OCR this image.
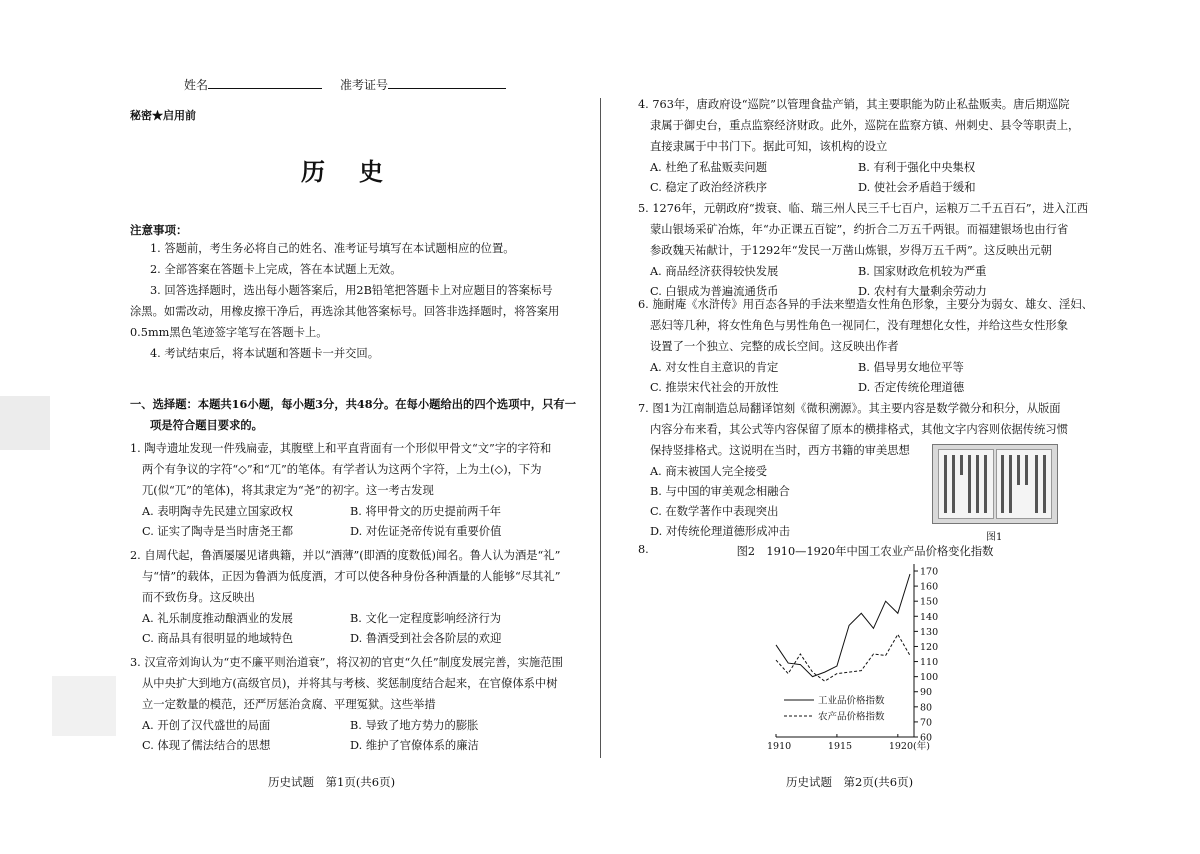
姓名	准考证号
秘密★启用前
历史
注意事项：
1. 答题前，考生务必将自己的姓名、准考证号填写在本试题相应的位置。
2. 全部答案在答题卡上完成，答在本试题上无效。
3. 回答选择题时，选出每小题答案后，用2B铅笔把答题卡上对应题目的答案标号
涂黑。如需改动，用橡皮擦干净后，再选涂其他答案标号。回答非选择题时，将答案用
0.5mm黑色笔迹签字笔写在答题卡上。
4. 考试结束后，将本试题和答题卡一并交回。
一、选择题：本题共16小题，每小题3分，共48分。在每小题给出的四个选项中，只有一
项是符合题目要求的。
1. 陶寺遗址发现一件残扁壶，其腹壁上和平直背面有一个形似甲骨文“文”字的字符和
两个有争议的字符“◇”和“兀”的笔体。有学者认为这两个字符，上为土(◇)，下为
兀(似“兀”的笔体)，将其隶定为“尧”的初字。这一考古发现
A. 表明陶寺先民建立国家政权	B. 将甲骨文的历史提前两千年
C. 证实了陶寺是当时唐尧王都	D. 对佐证尧帝传说有重要价值
2. 自周代起，鲁酒屡屡见诸典籍，并以“酒薄”(即酒的度数低)闻名。鲁人认为酒是“礼”
与“情”的载体，正因为鲁酒为低度酒，才可以使各种身份各种酒量的人能够“尽其礼”
而不致伤身。这反映出
A. 礼乐制度推动酿酒业的发展	B. 文化一定程度影响经济行为
C. 商品具有很明显的地域特色	D. 鲁酒受到社会各阶层的欢迎
3. 汉宣帝刘询认为“吏不廉平则治道衰”，将汉初的官吏“久任”制度发展完善，实施范围
从中央扩大到地方(高级官员)，并将其与考核、奖惩制度结合起来，在官僚体系中树
立一定数量的模范，还严厉惩治贪腐、平理冤狱。这些举措
A. 开创了汉代盛世的局面	B. 导致了地方势力的膨胀
C. 体现了儒法结合的思想	D. 维护了官僚体系的廉洁
历史试题　第1页(共6页)
4. 763年，唐政府设“巡院”以管理食盐产销，其主要职能为防止私盐贩卖。唐后期巡院
隶属于御史台，重点监察经济财政。此外，巡院在监察方镇、州刺史、县令等职责上，
直接隶属于中书门下。据此可知，该机构的设立
A. 杜绝了私盐贩卖问题	B. 有利于强化中央集权
C. 稳定了政治经济秩序	D. 使社会矛盾趋于缓和
5. 1276年，元朝政府“拨衰、临、瑞三州人民三千七百户，运粮万二千五百石”，进入江西
蒙山银场采矿冶炼，年“办正课五百锭”，约折合二万五千两银。而福建银场也由行省
参政魏天祐献计，于1292年“发民一万凿山炼银，岁得万五千两”。这反映出元朝
A. 商品经济获得较快发展	B. 国家财政危机较为严重
C. 白银成为普遍流通货币	D. 农村有大量剩余劳动力
6. 施耐庵《水浒传》用百态各异的手法来塑造女性角色形象，主要分为弱女、雄女、淫妇、
恶妇等几种，将女性角色与男性角色一视同仁，没有理想化女性，并给这些女性形象
设置了一个独立、完整的成长空间。这反映出作者
A. 对女性自主意识的肯定	B. 倡导男女地位平等
C. 推崇宋代社会的开放性	D. 否定传统伦理道德
7. 图1为江南制造总局翻译馆刻《微积溯源》。其主要内容是数学微分和积分，从版面
内容分布来看，其公式等内容保留了原本的横排格式，其他文字内容则依据传统习惯
保持竖排格式。这说明在当时，西方书籍的审美思想
A. 商末被国人完全接受
B. 与中国的审美观念相融合
C. 在数学著作中表现突出
D. 对传统伦理道德形成冲击
8.
历史试题　第2页(共6页)
图1
图2　1910—1920年中国工农业产品价格变化指数
60
70
80
90
100
110
120
130
140
150
160
170
1910	1915	1920(年)
工业品价格指数
农产品价格指数
